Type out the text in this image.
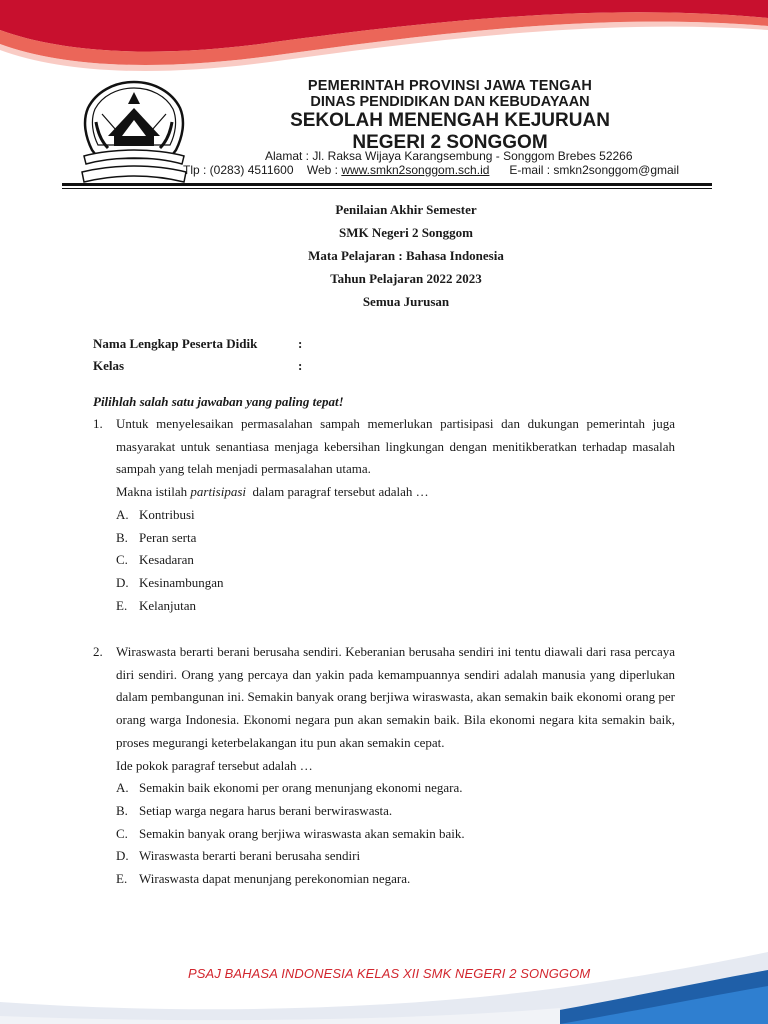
PEMERINTAH PROVINSI JAWA TENGAH
DINAS PENDIDIKAN DAN KEBUDAYAAN
SEKOLAH MENENGAH KEJURUAN
NEGERI 2 SONGGOM
Alamat : Jl. Raksa Wijaya Karangsembung - Songgom Brebes 52266
Tlp : (0283) 4511600 Web : www.smkn2songgom.sch.id E-mail : smkn2songgom@gmail
Penilaian Akhir Semester
SMK Negeri 2 Songgom
Mata Pelajaran : Bahasa Indonesia
Tahun Pelajaran 2022 2023
Semua Jurusan
Nama Lengkap Peserta Didik	:
Kelas	:
Pilihlah salah satu jawaban yang paling tepat!
1.	Untuk menyelesaikan permasalahan sampah memerlukan partisipasi dan dukungan pemerintah juga masyarakat untuk senantiasa menjaga kebersihan lingkungan dengan menitikberatkan terhadap masalah sampah yang telah menjadi permasalahan utama.
Makna istilah partisipasi  dalam paragraf tersebut adalah …
A. Kontribusi
B. Peran serta
C. Kesadaran
D. Kesinambungan
E. Kelanjutan
2.	Wiraswasta berarti berani berusaha sendiri. Keberanian berusaha sendiri ini tentu diawali dari rasa percaya diri sendiri. Orang yang percaya dan yakin pada kemampuannya sendiri adalah manusia yang diperlukan dalam pembangunan ini. Semakin banyak orang berjiwa wiraswasta, akan semakin baik ekonomi orang per orang warga Indonesia. Ekonomi negara pun akan semakin baik. Bila ekonomi negara kita semakin baik, proses megurangi keterbelakangan itu pun akan semakin cepat.
Ide pokok paragraf tersebut adalah …
A. Semakin baik ekonomi per orang menunjang ekonomi negara.
B. Setiap warga negara harus berani berwiraswasta.
C. Semakin banyak orang berjiwa wiraswasta akan semakin baik.
D. Wiraswasta berarti berani berusaha sendiri
E. Wiraswasta dapat menunjang perekonomian negara.
PSAJ BAHASA INDONESIA KELAS XII SMK NEGERI 2 SONGGOM
